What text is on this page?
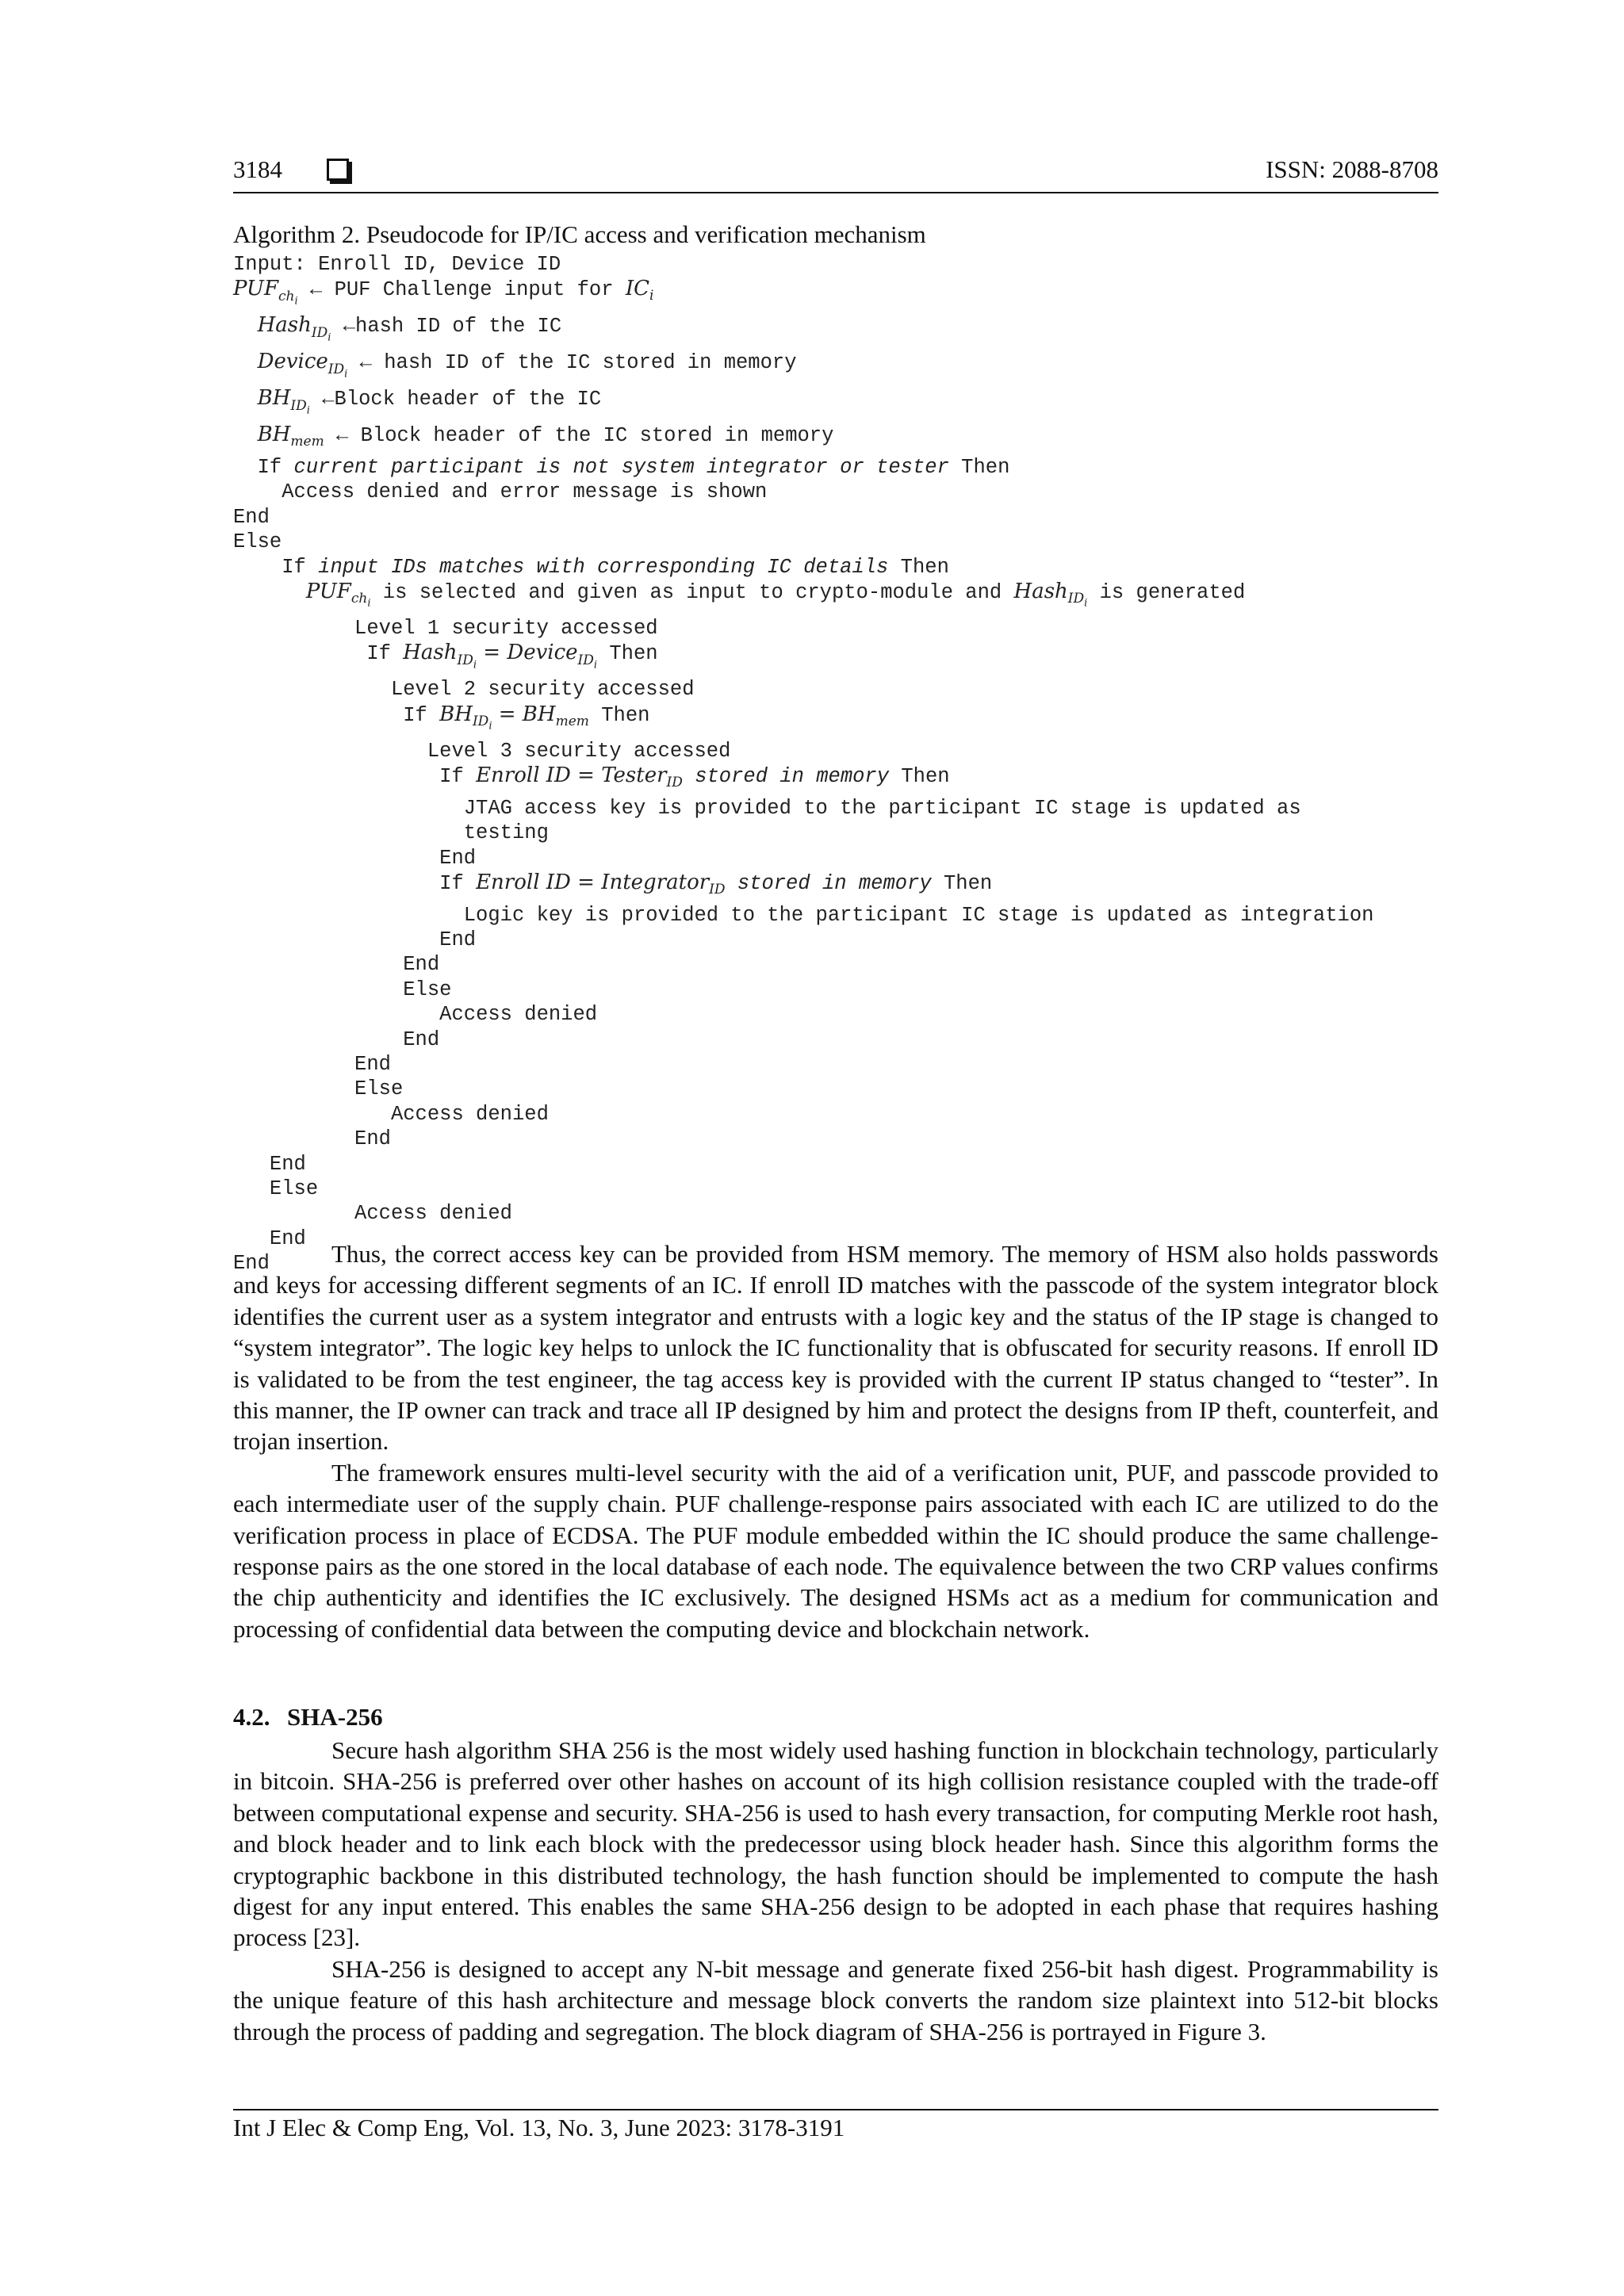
3184	ISSN: 2088-8708
Algorithm 2. Pseudocode for IP/IC access and verification mechanism
Input: Enroll ID, Device ID
$PUF_{ch_i}$ ← PUF Challenge input for $IC_i$
Hash$_{ID_i}$ ←hash ID of the IC
Device$_{ID_i}$ ← hash ID of the IC stored in memory
$BH_{ID_i}$ ←Block header of the IC
$BH_{mem}$ ← Block header of the IC stored in memory
If current participant is not system integrator or tester Then
Access denied and error message is shown
End
Else
If input IDs matches with corresponding IC details Then
$PUF_{ch_i}$ is selected and given as input to crypto-module and Hash$_{ID_i}$ is generated
Level 1 security accessed
If Hash$_{ID_i}$ = Device$_{ID_i}$ Then
Level 2 security accessed
If $BH_{ID_i} = BH_{mem}$ Then
Level 3 security accessed
If Enroll ID = Tester$_{ID}$ stored in memory Then
JTAG access key is provided to the participant IC stage is updated as
testing
End
If Enroll ID = Integrator$_{ID}$ stored in memory Then
Logic key is provided to the participant IC stage is updated as integration
End
End
Else
Access denied
End
End
Else
Access denied
End
End
Else
Access denied
End
End	Thus, the correct access key can be provided from HSM memory. The memory of HSM also holds passwords and keys for accessing different segments of an IC. If enroll ID matches with the passcode of the system integrator block identifies the current user as a system integrator and entrusts with a logic key and the status of the IP stage is changed to “system integrator”. The logic key helps to unlock the IC functionality that is obfuscated for security reasons. If enroll ID is validated to be from the test engineer, the tag access key is provided with the current IP status changed to “tester”. In this manner, the IP owner can track and trace all IP designed by him and protect the designs from IP theft, counterfeit, and trojan insertion.

The framework ensures multi-level security with the aid of a verification unit, PUF, and passcode provided to each intermediate user of the supply chain. PUF challenge-response pairs associated with each IC are utilized to do the verification process in place of ECDSA. The PUF module embedded within the IC should produce the same challenge-response pairs as the one stored in the local database of each node. The equivalence between the two CRP values confirms the chip authenticity and identifies the IC exclusively. The designed HSMs act as a medium for communication and processing of confidential data between the computing device and blockchain network.

4.2. SHA-256

Secure hash algorithm SHA 256 is the most widely used hashing function in blockchain technology, particularly in bitcoin. SHA-256 is preferred over other hashes on account of its high collision resistance coupled with the trade-off between computational expense and security. SHA-256 is used to hash every transaction, for computing Merkle root hash, and block header and to link each block with the predecessor using block header hash. Since this algorithm forms the cryptographic backbone in this distributed technology, the hash function should be implemented to compute the hash digest for any input entered. This enables the same SHA-256 design to be adopted in each phase that requires hashing process [23].

SHA-256 is designed to accept any N-bit message and generate fixed 256-bit hash digest. Programmability is the unique feature of this hash architecture and message block converts the random size plaintext into 512-bit blocks through the process of padding and segregation. The block diagram of SHA-256 is portrayed in Figure 3.

Int J Elec & Comp Eng, Vol. 13, No. 3, June 2023: 3178-3191
